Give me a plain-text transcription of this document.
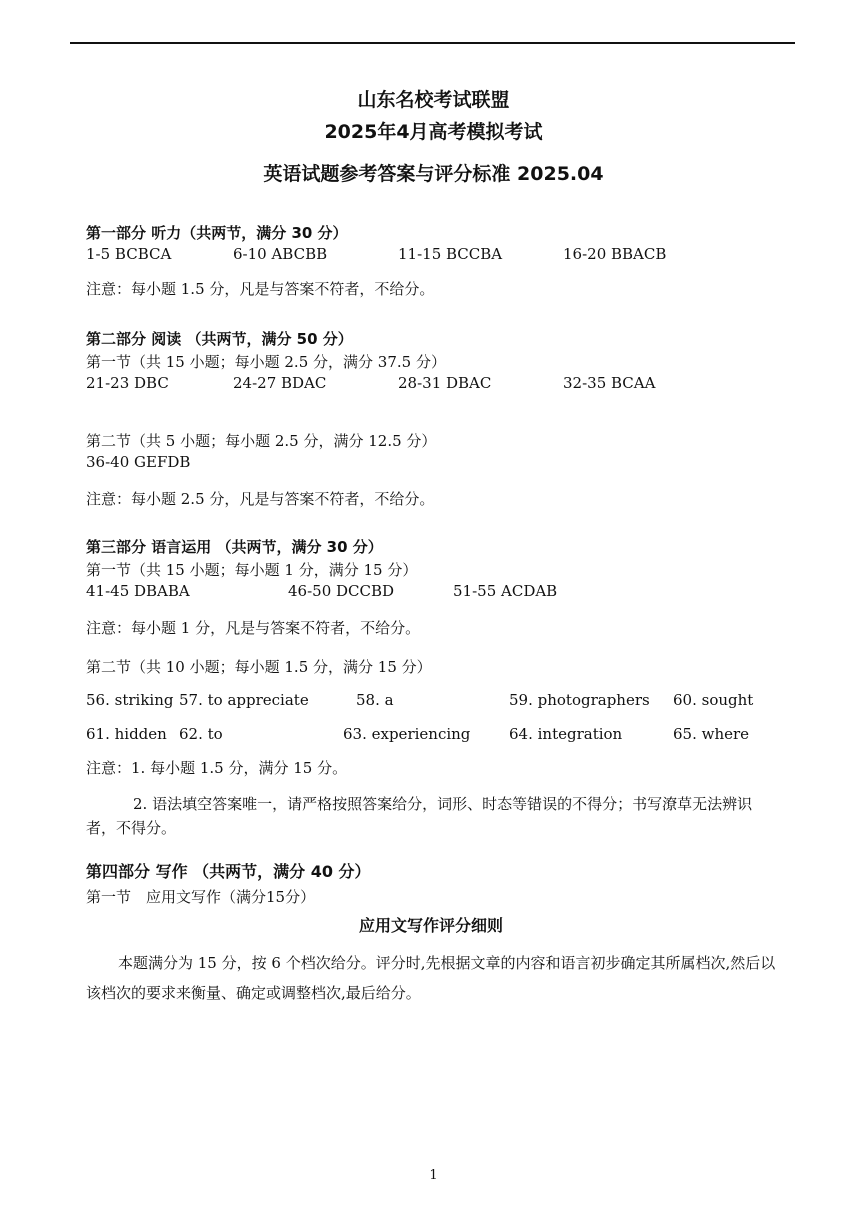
山东名校考试联盟

2025年4月高考模拟考试

英语试题参考答案与评分标准 2025.04

第一部分 听力（共两节，满分 30 分）

1-5 BCBCA	6-10 ABCBB	11-15 BCCBA	16-20 BBACB

注意：每小题 1.5 分，凡是与答案不符者，不给分。

第二部分 阅读 （共两节，满分 50 分）

第一节（共 15 小题；每小题 2.5 分，满分 37.5 分）

21-23 DBC	24-27 BDAC	28-31 DBAC	32-35 BCAA

第二节（共 5 小题；每小题 2.5 分，满分 12.5 分）

36-40 GEFDB

注意：每小题 2.5 分，凡是与答案不符者，不给分。

第三部分 语言运用 （共两节，满分 30 分）

第一节（共 15 小题；每小题 1 分，满分 15 分）

41-45 DBABA	46-50 DCCBD	51-55 ACDAB

注意：每小题 1 分，凡是与答案不符者，不给分。

第二节（共 10 小题；每小题 1.5 分，满分 15 分）

56. striking 57. to appreciate	58. a	59. photographers 60. sought
61. hidden 62. to	63. experiencing	64. integration	65. where

注意：1. 每小题 1.5 分，满分 15 分。

2. 语法填空答案唯一，请严格按照答案给分，词形、时态等错误的不得分；书写潦草无法辨识者，不得分。

第四部分 写作 （共两节，满分 40 分）

第一节　应用文写作（满分15分）

应用文写作评分细则

本题满分为 15 分，按 6 个档次给分。评分时,先根据文章的内容和语言初步确定其所属档次,然后以该档次的要求来衡量、确定或调整档次,最后给分。

1
